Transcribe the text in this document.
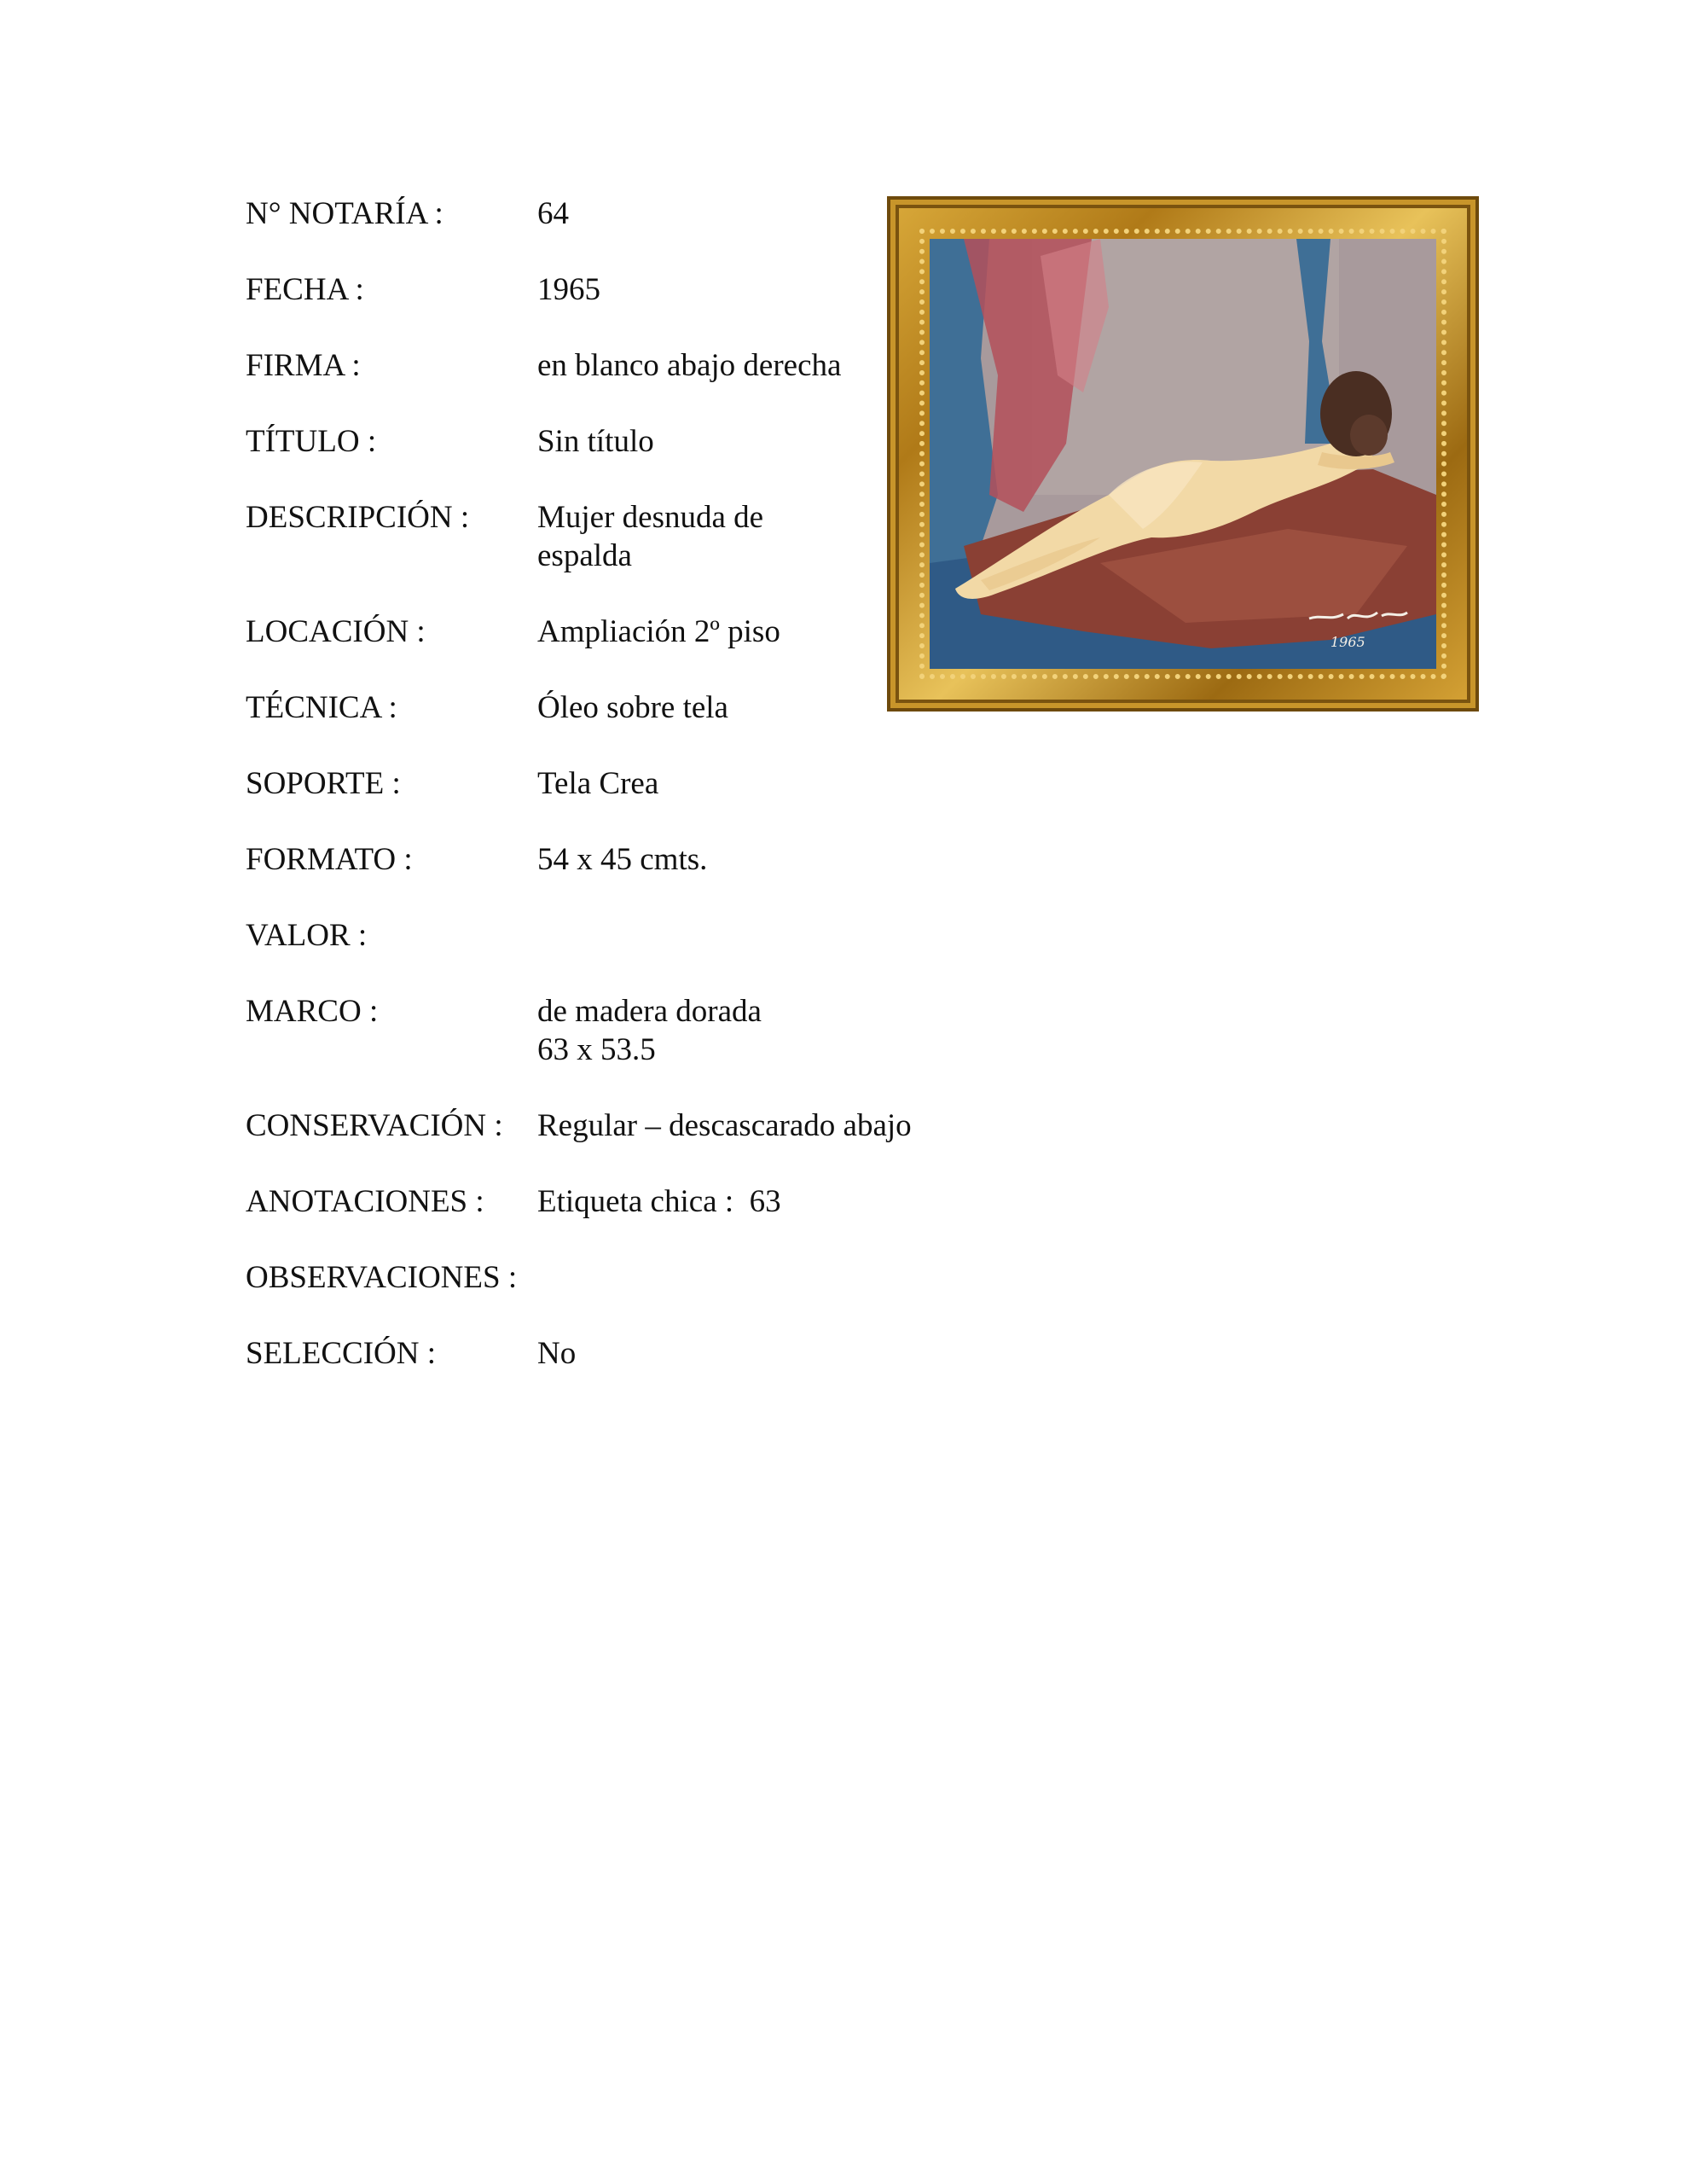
N° NOTARÍA :	64
FECHA :	1965
FIRMA :	en blanco abajo derecha
TÍTULO :	Sin título
DESCRIPCIÓN :	Mujer desnuda de
espalda
LOCACIÓN :	Ampliación 2º piso
TÉCNICA :	Óleo sobre tela
SOPORTE :	Tela Crea
FORMATO :	54 x 45 cmts.
VALOR :
MARCO :	de madera dorada
63 x 53.5
CONSERVACIÓN :	Regular – descascarado abajo
ANOTACIONES :	Etiqueta chica :  63
OBSERVACIONES :
SELECCIÓN :	No
1965
